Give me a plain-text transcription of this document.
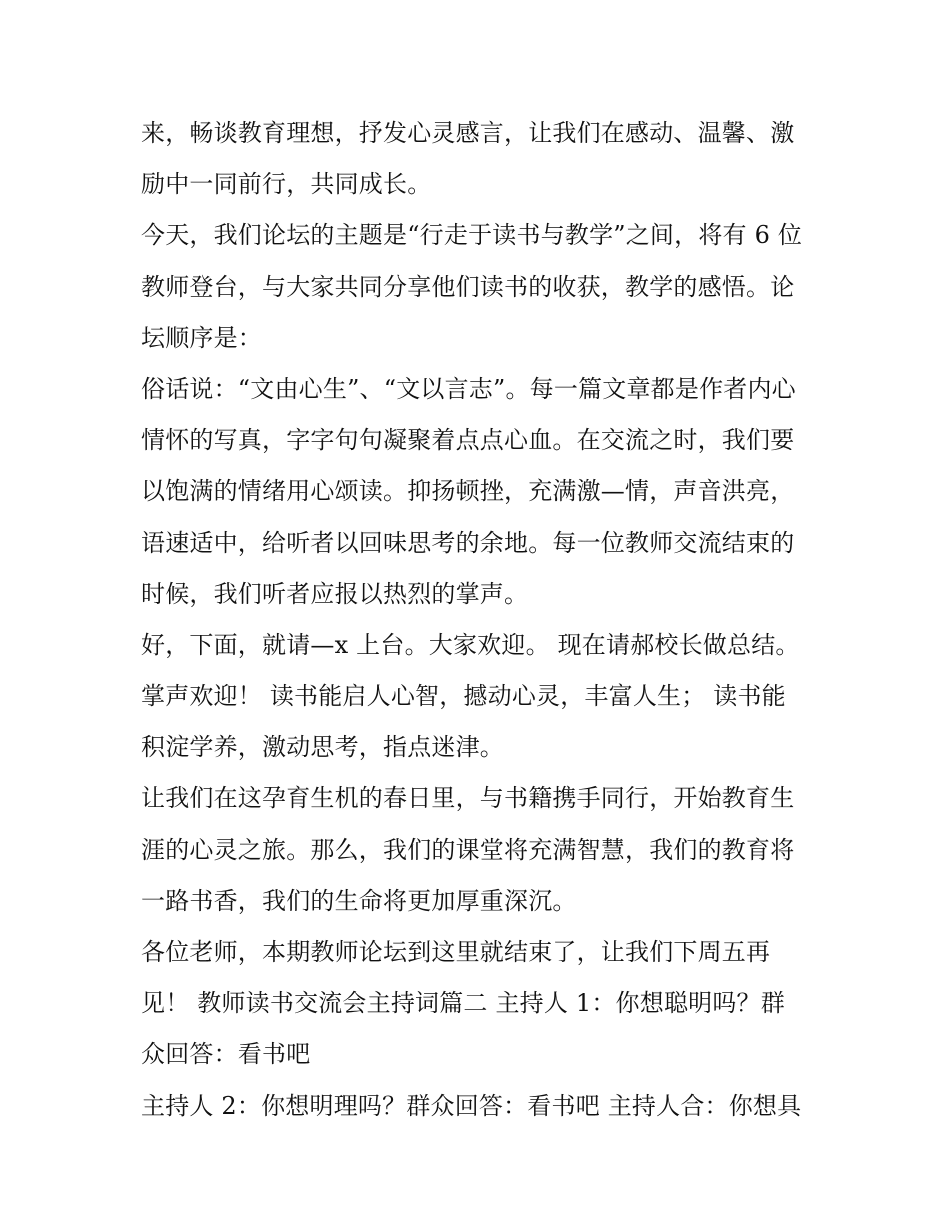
来，畅谈教育理想，抒发心灵感言，让我们在感动、温馨、激
励中一同前行，共同成长。
今天，我们论坛的主题是“行走于读书与教学”之间，将有 6 位
教师登台，与大家共同分享他们读书的收获，教学的感悟。论
坛顺序是：
俗话说：“文由心生”、“文以言志”。每一篇文章都是作者内心
情怀的写真，字字句句凝聚着点点心血。在交流之时，我们要
以饱满的情绪用心颂读。抑扬顿挫，充满激—情，声音洪亮，
语速适中，给听者以回味思考的余地。每一位教师交流结束的
时候，我们听者应报以热烈的掌声。
好，下面，就请—x 上台。大家欢迎。 现在请郝校长做总结。
掌声欢迎！ 读书能启人心智，撼动心灵，丰富人生； 读书能
积淀学养，激动思考，指点迷津。
让我们在这孕育生机的春日里，与书籍携手同行，开始教育生
涯的心灵之旅。那么，我们的课堂将充满智慧，我们的教育将
一路书香，我们的生命将更加厚重深沉。
各位老师，本期教师论坛到这里就结束了，让我们下周五再
见！ 教师读书交流会主持词篇二 主持人 1：你想聪明吗？群
众回答：看书吧
主持人 2：你想明理吗？群众回答：看书吧 主持人合：你想具
